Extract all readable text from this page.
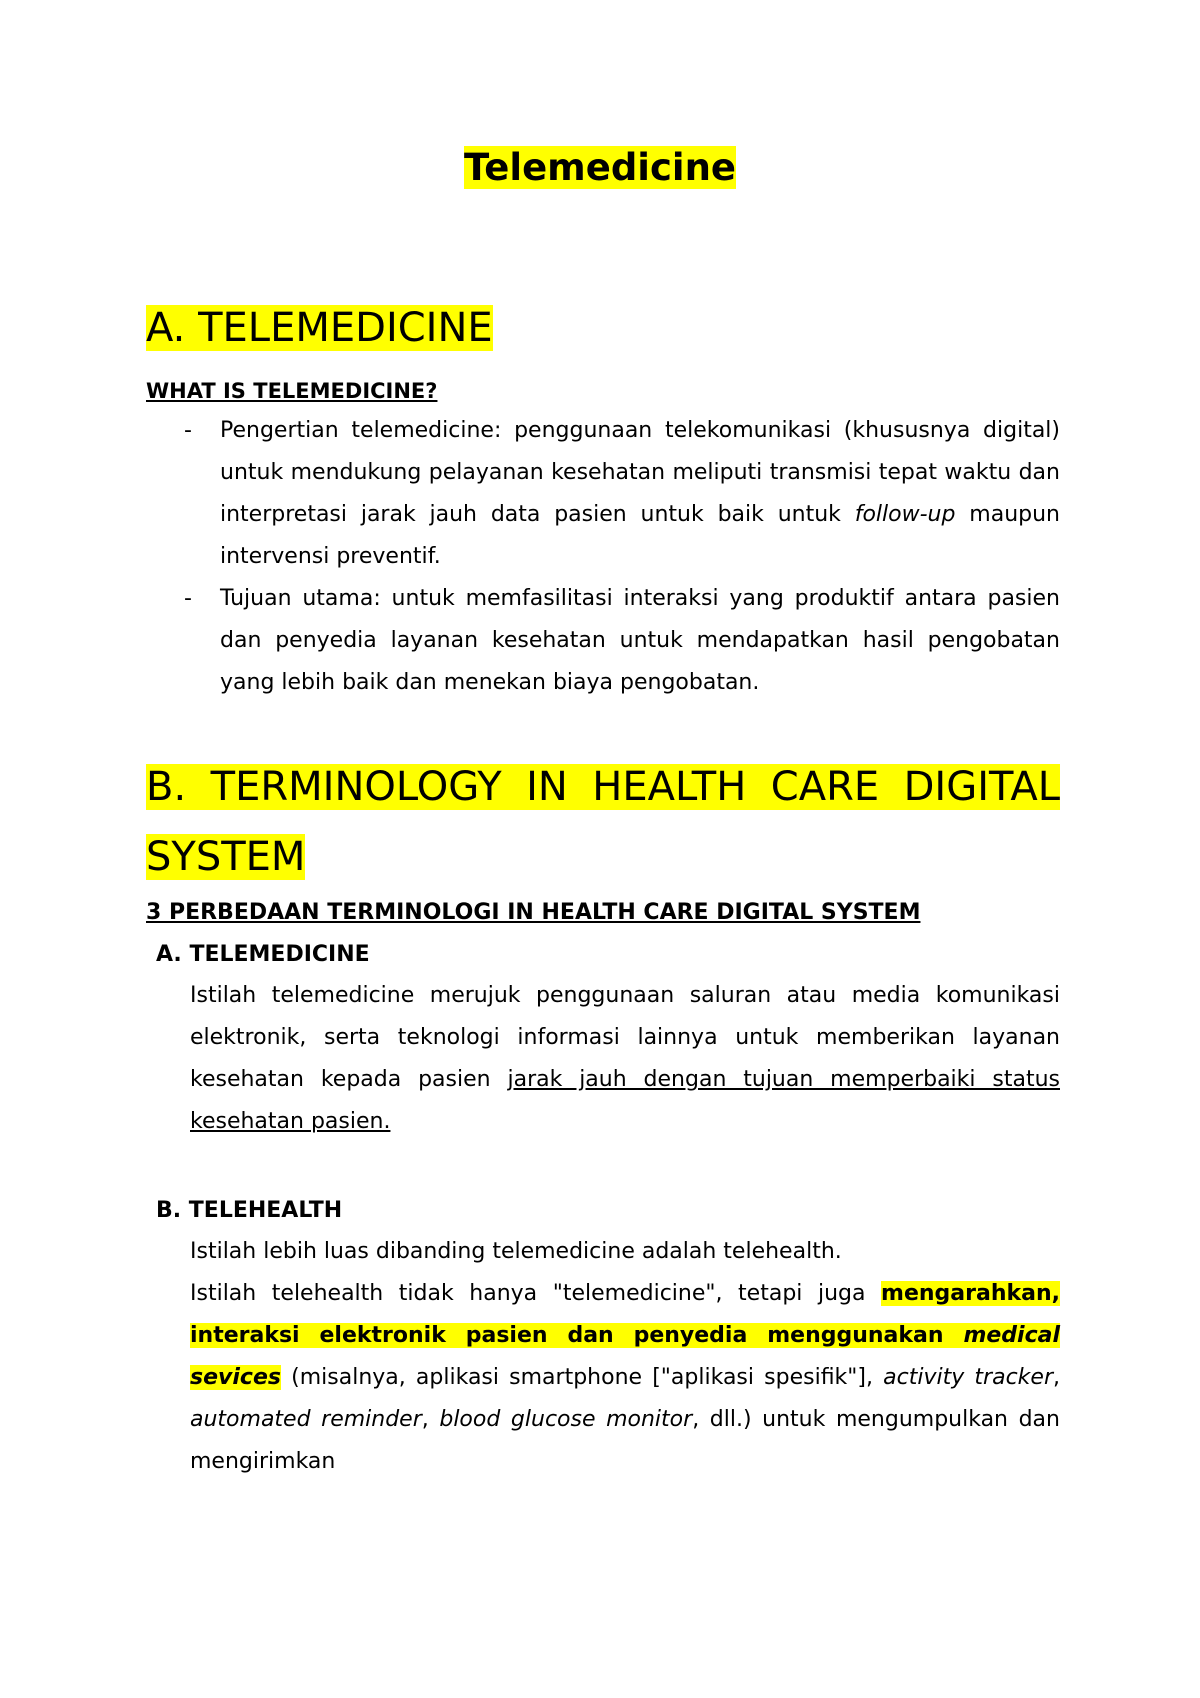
Telemedicine
A. TELEMEDICINE
WHAT IS TELEMEDICINE?
- Pengertian telemedicine: penggunaan telekomunikasi (khususnya digital) untuk mendukung pelayanan kesehatan meliputi transmisi tepat waktu dan interpretasi jarak jauh data pasien untuk baik untuk follow-up maupun intervensi preventif.
- Tujuan utama: untuk memfasilitasi interaksi yang produktif antara pasien dan penyedia layanan kesehatan untuk mendapatkan hasil pengobatan yang lebih baik dan menekan biaya pengobatan.
B. TERMINOLOGY IN HEALTH CARE DIGITAL SYSTEM
3 PERBEDAAN TERMINOLOGI IN HEALTH CARE DIGITAL SYSTEM
A. TELEMEDICINE

Istilah telemedicine merujuk penggunaan saluran atau media komunikasi elektronik, serta teknologi informasi lainnya untuk memberikan layanan kesehatan kepada pasien jarak jauh dengan tujuan memperbaiki status kesehatan pasien.

B. TELEHEALTH

Istilah lebih luas dibanding telemedicine adalah telehealth.

Istilah telehealth tidak hanya "telemedicine", tetapi juga mengarahkan, interaksi elektronik pasien dan penyedia menggunakan medical sevices (misalnya, aplikasi smartphone ["aplikasi spesifik"], activity tracker, automated reminder, blood glucose monitor, dll.) untuk mengumpulkan dan mengirimkan
